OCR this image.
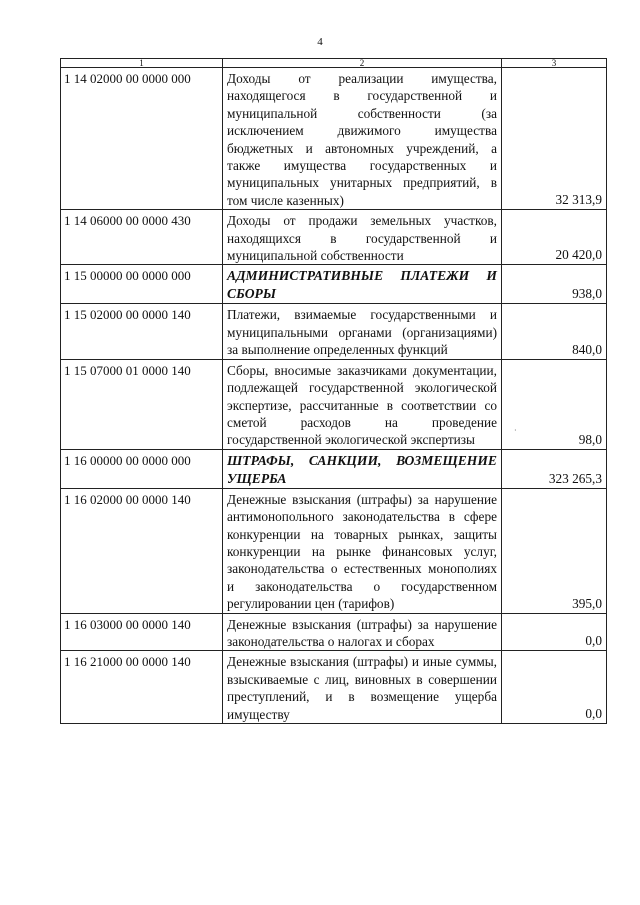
4
·
1	2	3
1 14 02000 00 0000 000	Доходы от реализации имущества, находящегося в государственной и муниципальной собственности (за исключением движимого имущества бюджетных и автономных учреждений, а также имущества государственных и муниципальных унитарных предприятий, в том числе казенных)	32 313,9
1 14 06000 00 0000 430	Доходы от продажи земельных участков, находящихся в государственной и муниципальной собственности	20 420,0
1 15 00000 00 0000 000	АДМИНИСТРАТИВНЫЕ ПЛАТЕЖИ И СБОРЫ	938,0
1 15 02000 00 0000 140	Платежи, взимаемые государственными и муниципальными органами (организациями) за выполнение определенных функций	840,0
1 15 07000 01 0000 140	Сборы, вносимые заказчиками документации, подлежащей государственной экологической экспертизе, рассчитанные в соответствии со сметой расходов на проведение государственной экологической экспертизы	98,0
1 16 00000 00 0000 000	ШТРАФЫ, САНКЦИИ, ВОЗМЕЩЕНИЕ УЩЕРБА	323 265,3
1 16 02000 00 0000 140	Денежные взыскания (штрафы) за нарушение антимонопольного законодательства в сфере конкуренции на товарных рынках, защиты конкуренции на рынке финансовых услуг, законодательства о естественных монополиях и законодательства о государственном регулировании цен (тарифов)	395,0
1 16 03000 00 0000 140	Денежные взыскания (штрафы) за нарушение законодательства о налогах и сборах	0,0
1 16 21000 00 0000 140	Денежные взыскания (штрафы) и иные суммы, взыскиваемые с лиц, виновных в совершении преступлений, и в возмещение ущерба имуществу	0,0
